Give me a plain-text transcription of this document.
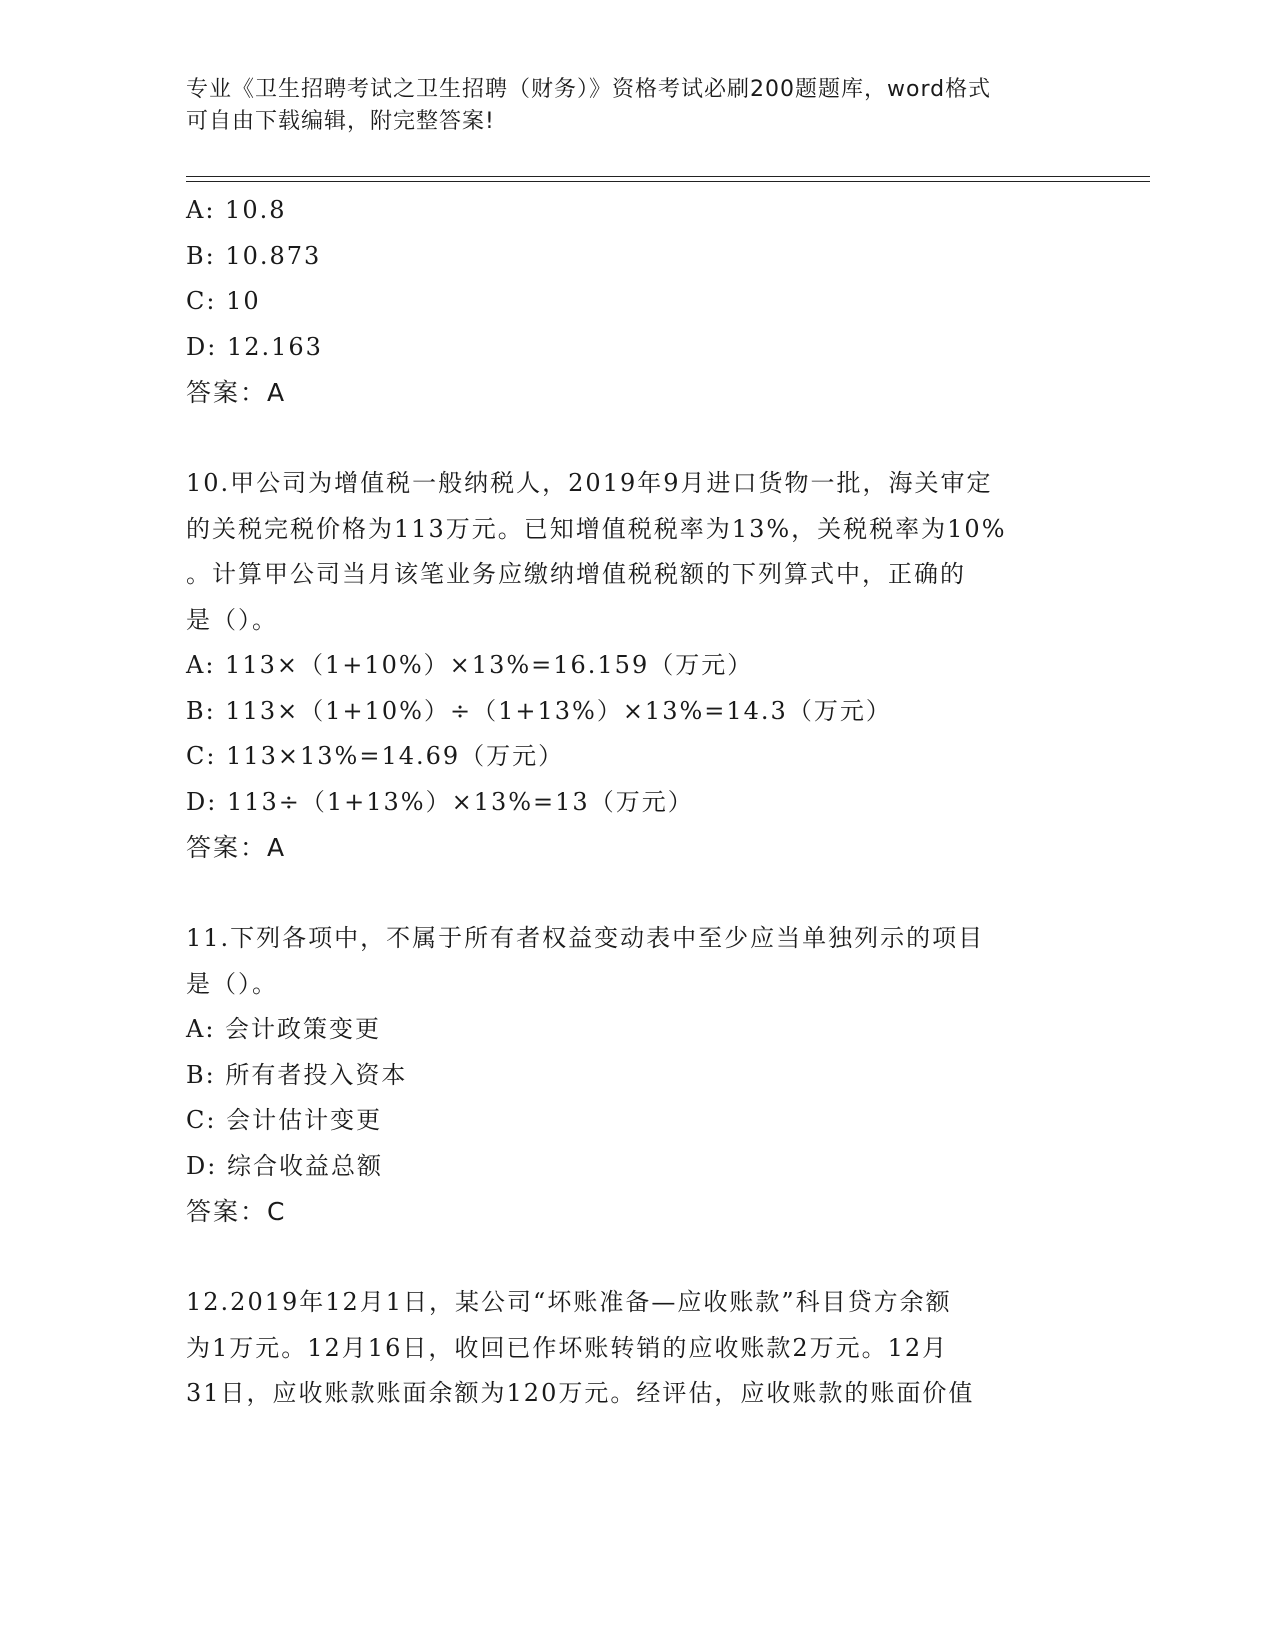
专业《卫生招聘考试之卫生招聘（财务）》资格考试必刷200题题库，word格式
可自由下载编辑，附完整答案!
A: 10.8
B: 10.873
C: 10
D: 12.163
答案：A
10.甲公司为增值税一般纳税人，2019年9月进口货物一批，海关审定
的关税完税价格为113万元。已知增值税税率为13%，关税税率为10%
。计算甲公司当月该笔业务应缴纳增值税税额的下列算式中，正确的
是（）。
A: 113×（1+10%）×13%=16.159（万元）
B: 113×（1+10%）÷（1+13%）×13%=14.3（万元）
C: 113×13%=14.69（万元）
D: 113÷（1+13%）×13%=13（万元）
答案：A
11.下列各项中，不属于所有者权益变动表中至少应当单独列示的项目
是（）。
A: 会计政策变更
B: 所有者投入资本
C: 会计估计变更
D: 综合收益总额
答案：C
12.2019年12月1日，某公司“坏账准备—应收账款”科目贷方余额
为1万元。12月16日，收回已作坏账转销的应收账款2万元。12月
31日，应收账款账面余额为120万元。经评估，应收账款的账面价值
